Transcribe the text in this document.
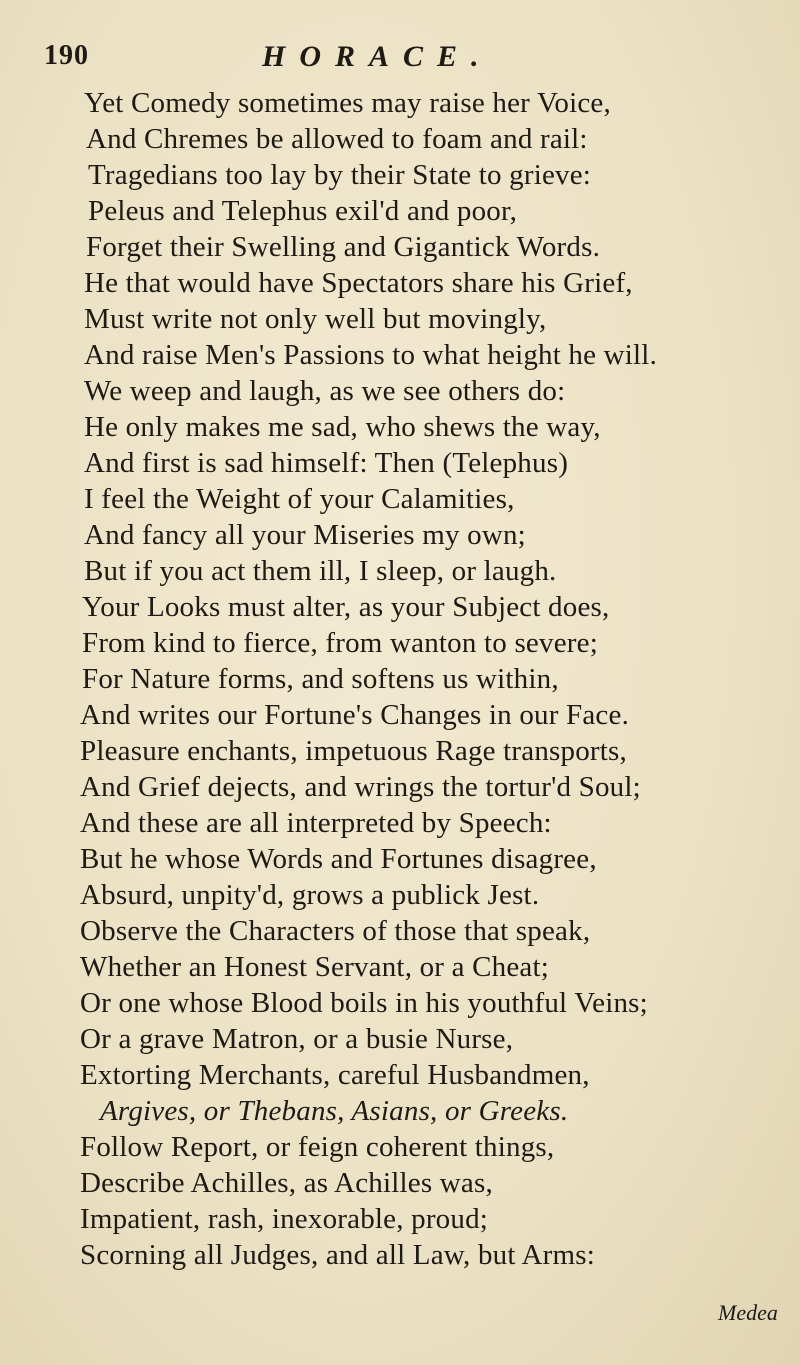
190	HORACE.
Yet Comedy sometimes may raise her Voice,
And Chremes be allowed to foam and rail:
Tragedians too lay by their State to grieve:
Peleus and Telephus exil'd and poor,
Forget their Swelling and Gigantick Words.
He that would have Spectators share his Grief,
Must write not only well but movingly,
And raise Men's Passions to what height he will.
We weep and laugh, as we see others do:
He only makes me sad, who shews the way,
And first is sad himself: Then (Telephus)
I feel the Weight of your Calamities,
And fancy all your Miseries my own;
But if you act them ill, I sleep, or laugh.
Your Looks must alter, as your Subject does,
From kind to fierce, from wanton to severe;
For Nature forms, and softens us within,
And writes our Fortune's Changes in our Face.
Pleasure enchants, impetuous Rage transports,
And Grief dejects, and wrings the tortur'd Soul;
And these are all interpreted by Speech:
But he whose Words and Fortunes disagree,
Absurd, unpity'd, grows a publick Jest.
Observe the Characters of those that speak,
Whether an Honest Servant, or a Cheat;
Or one whose Blood boils in his youthful Veins;
Or a grave Matron, or a busie Nurse,
Extorting Merchants, careful Husbandmen,
Argives, or Thebans, Asians, or Greeks.
Follow Report, or feign coherent things,
Describe Achilles, as Achilles was,
Impatient, rash, inexorable, proud;
Scorning all Judges, and all Law, but Arms:
Medea
